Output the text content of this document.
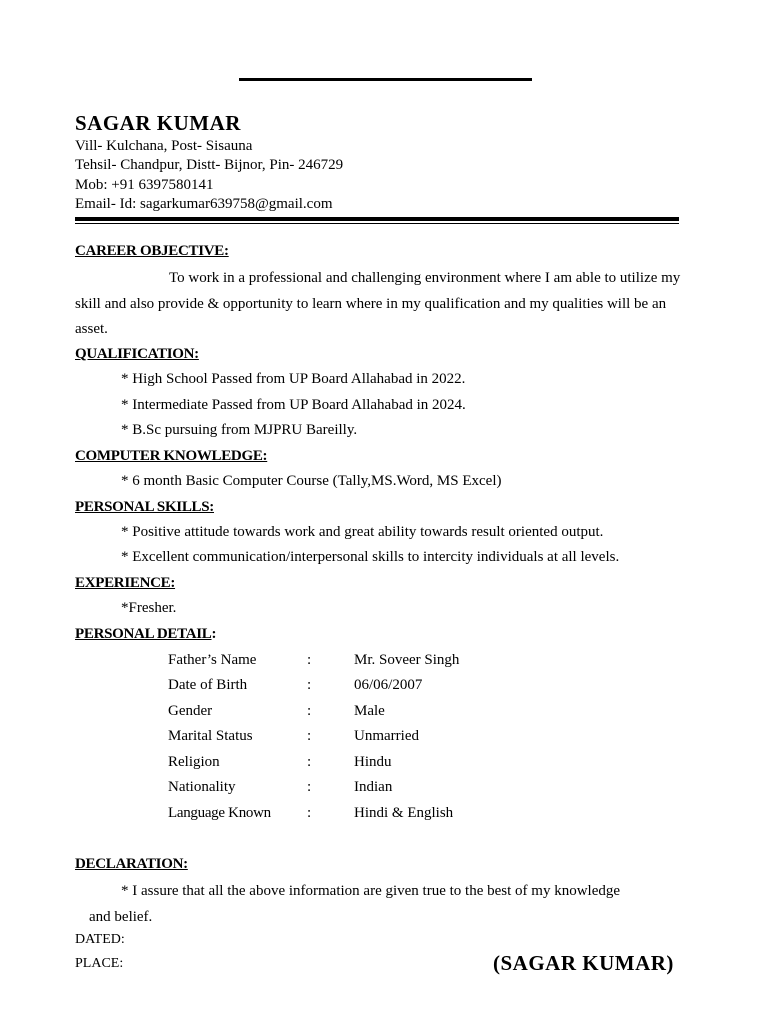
SAGAR KUMAR
Vill- Kulchana, Post- Sisauna
Tehsil- Chandpur, Distt- Bijnor, Pin- 246729
Mob: +91 6397580141
Email- Id: sagarkumar639758@gmail.com
CAREER OBJECTIVE:
To work in a professional and challenging environment where I am able to utilize my skill and also provide & opportunity to learn where in my qualification and my qualities will be an asset.
QUALIFICATION:
* High School Passed from UP Board Allahabad in 2022.
* Intermediate Passed from UP Board Allahabad in 2024.
* B.Sc pursuing from MJPRU Bareilly.
COMPUTER KNOWLEDGE:
* 6 month Basic Computer Course (Tally,MS.Word, MS Excel)
PERSONAL SKILLS:
* Positive attitude towards work and great ability towards result oriented output.
* Excellent communication/interpersonal skills to intercity individuals at all levels.
EXPERIENCE:
*Fresher.
PERSONAL DETAIL:
Father’s Name	:	Mr. Soveer Singh
Date of Birth	:	06/06/2007
Gender	:	Male
Marital Status	:	Unmarried
Religion	:	Hindu
Nationality	:	Indian
Language Known :	Hindi & English
DECLARATION:
* I assure that all the above information are given true to the best of my knowledge
and belief.
DATED:
PLACE:	(SAGAR KUMAR)
